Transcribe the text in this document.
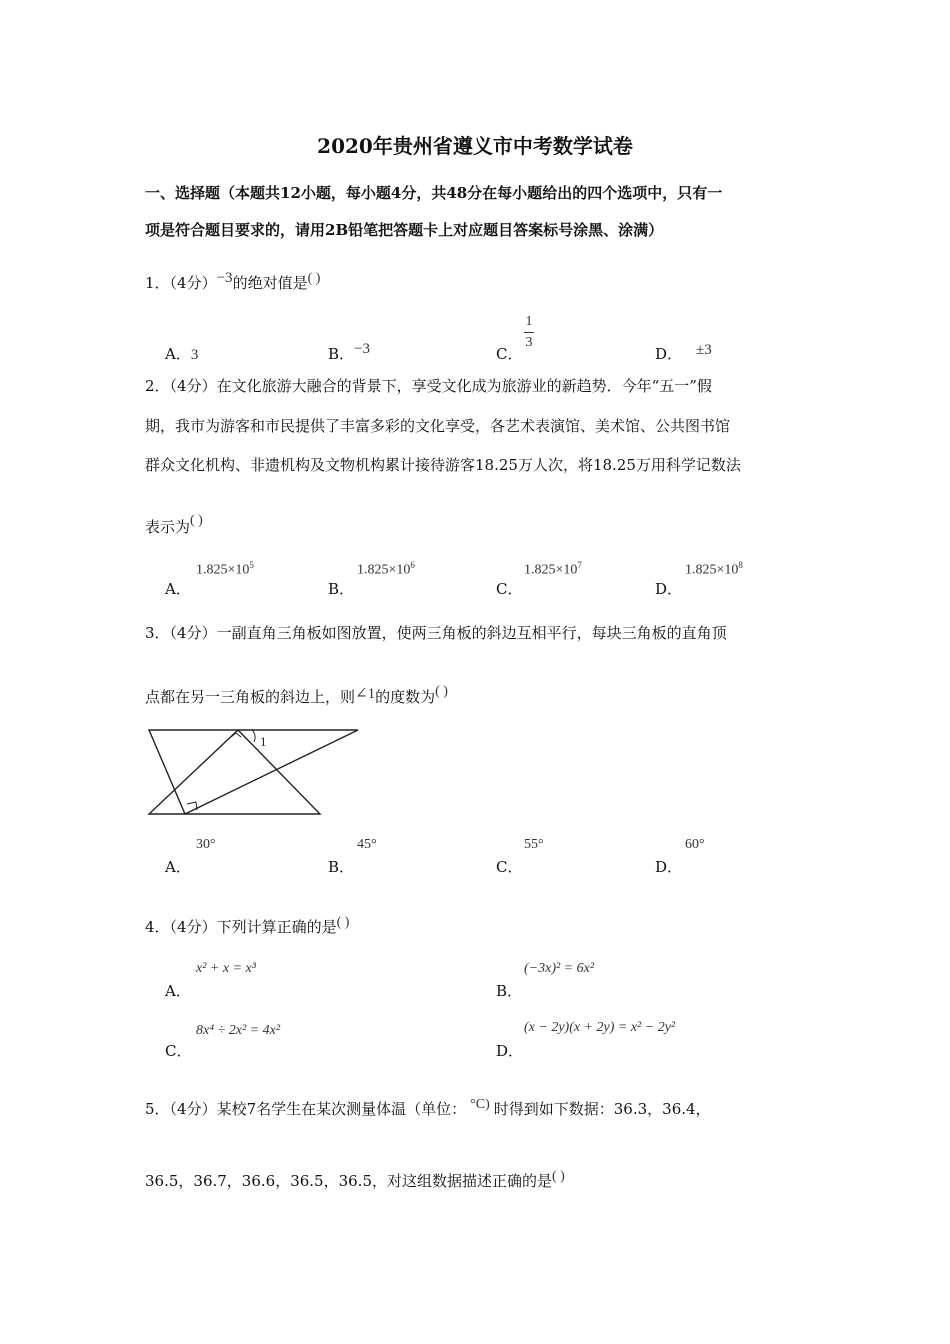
2020年贵州省遵义市中考数学试卷
一、选择题（本题共12小题，每小题4分，共48分在每小题给出的四个选项中，只有一
项是符合题目要求的，请用2B铅笔把答题卡上对应题目答案标号涂黑、涂满）
1．（4分）−3的绝对值是( )
A．3	B．−3	C．
1
3
D． ±3
2．（4分）在文化旅游大融合的背景下，享受文化成为旅游业的新趋势．今年“五一”假
期，我市为游客和市民提供了丰富多彩的文化享受，各艺术表演馆、美术馆、公共图书馆
群众文化机构、非遗机构及文物机构累计接待游客18.25万人次，将18.25万用科学记数法
表示为( )
A．
$1.825\times 10^5$
B．
$1.825\times 10^6$
C．
$1.825\times 10^7$
D．
$1.825\times 10^8$
3．（4分）一副直角三角板如图放置，使两三角板的斜边互相平行，每块三角板的直角顶
点都在另一三角板的斜边上，则∠1的度数为( )
1
A．
30°
B．
45°
C．
55°
D．
60°
4．（4分）下列计算正确的是( )
A．
x² + x = x³
B．
(−3x)² = 6x²
C．
8x⁴ ÷ 2x² = 4x²
D．
(x − 2y)(x + 2y) = x² − 2y²
5．（4分）某校7名学生在某次测量体温（单位： °C) 时得到如下数据：36.3，36.4，
36.5，36.7，36.6，36.5，36.5，对这组数据描述正确的是( )
